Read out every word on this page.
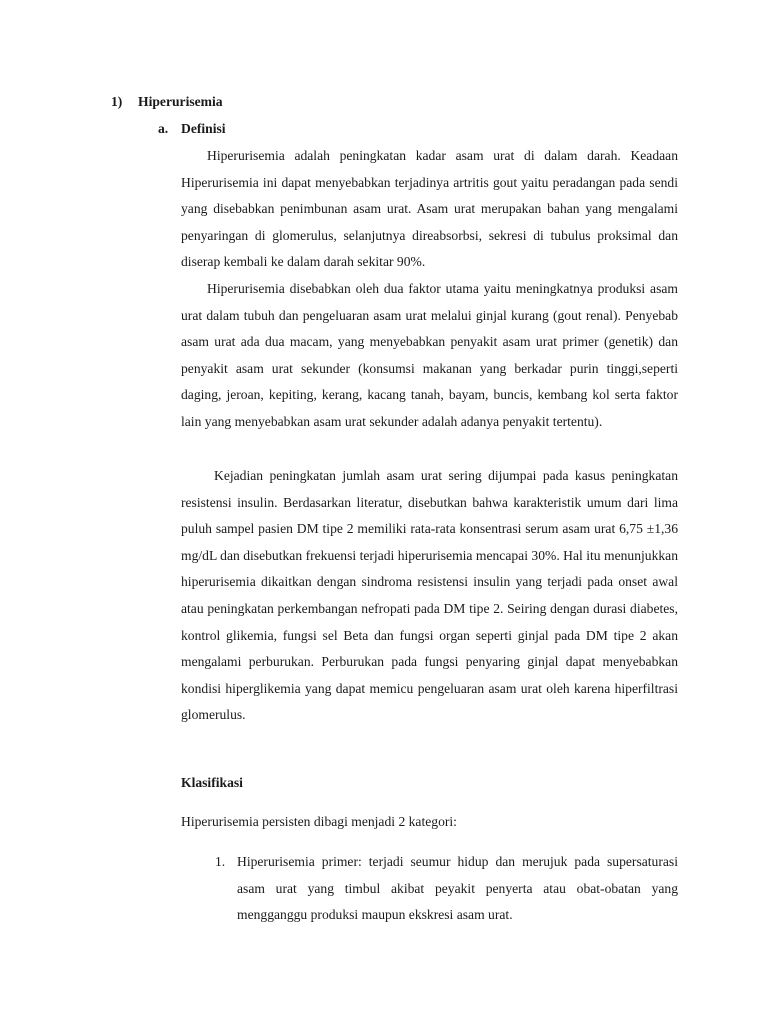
1) Hiperurisemia
a. Definisi

Hiperurisemia adalah peningkatan kadar asam urat di dalam darah. Keadaan Hiperurisemia ini dapat menyebabkan terjadinya artritis gout yaitu peradangan pada sendi yang disebabkan penimbunan asam urat. Asam urat merupakan bahan yang mengalami penyaringan di glomerulus, selanjutnya direabsorbsi, sekresi di tubulus proksimal dan diserap kembali ke dalam darah sekitar 90%.

Hiperurisemia disebabkan oleh dua faktor utama yaitu meningkatnya produksi asam urat dalam tubuh dan pengeluaran asam urat melalui ginjal kurang (gout renal). Penyebab asam urat ada dua macam, yang menyebabkan penyakit asam urat primer (genetik) dan penyakit asam urat sekunder (konsumsi makanan yang berkadar purin tinggi,seperti daging, jeroan, kepiting, kerang, kacang tanah, bayam, buncis, kembang kol serta faktor lain yang menyebabkan asam urat sekunder adalah adanya penyakit tertentu).

Kejadian peningkatan jumlah asam urat sering dijumpai pada kasus peningkatan resistensi insulin. Berdasarkan literatur, disebutkan bahwa karakteristik umum dari lima puluh sampel pasien DM tipe 2 memiliki rata-rata konsentrasi serum asam urat 6,75 ±1,36 mg/dL dan disebutkan frekuensi terjadi hiperurisemia mencapai 30%. Hal itu menunjukkan hiperurisemia dikaitkan dengan sindroma resistensi insulin yang terjadi pada onset awal atau peningkatan perkembangan nefropati pada DM tipe 2. Seiring dengan durasi diabetes, kontrol glikemia, fungsi sel Beta dan fungsi organ seperti ginjal pada DM tipe 2 akan mengalami perburukan. Perburukan pada fungsi penyaring ginjal dapat menyebabkan kondisi hiperglikemia yang dapat memicu pengeluaran asam urat oleh karena hiperfiltrasi glomerulus.

Klasifikasi

Hiperurisemia persisten dibagi menjadi 2 kategori:

1. Hiperurisemia primer: terjadi seumur hidup dan merujuk pada supersaturasi asam urat yang timbul akibat peyakit penyerta atau obat-obatan yang mengganggu produksi maupun ekskresi asam urat.
